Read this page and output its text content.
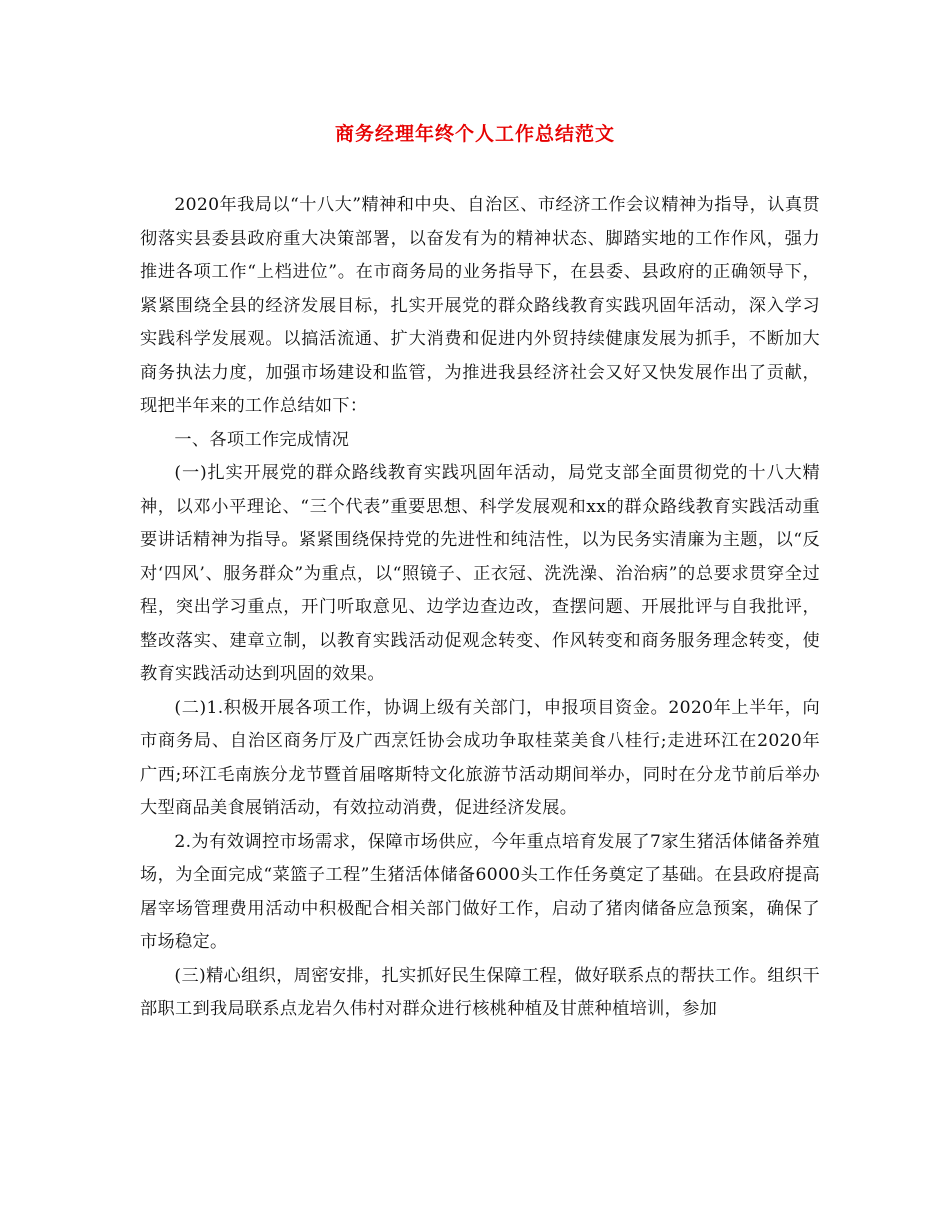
商务经理年终个人工作总结范文

2020年我局以“十八大”精神和中央、自治区、市经济工作会议精神为指导，认真贯彻落实县委县政府重大决策部署，以奋发有为的精神状态、脚踏实地的工作作风，强力推进各项工作“上档进位”。在市商务局的业务指导下，在县委、县政府的正确领导下，紧紧围绕全县的经济发展目标，扎实开展党的群众路线教育实践巩固年活动，深入学习实践科学发展观。以搞活流通、扩大消费和促进内外贸持续健康发展为抓手，不断加大商务执法力度，加强市场建设和监管，为推进我县经济社会又好又快发展作出了贡献，现把半年来的工作总结如下：

一、各项工作完成情况

(一)扎实开展党的群众路线教育实践巩固年活动，局党支部全面贯彻党的十八大精神，以邓小平理论、“三个代表”重要思想、科学发展观和xx的群众路线教育实践活动重要讲话精神为指导。紧紧围绕保持党的先进性和纯洁性，以为民务实清廉为主题，以“反对‘四风’、服务群众”为重点，以“照镜子、正衣冠、洗洗澡、治治病”的总要求贯穿全过程，突出学习重点，开门听取意见、边学边查边改，查摆问题、开展批评与自我批评，整改落实、建章立制，以教育实践活动促观念转变、作风转变和商务服务理念转变，使教育实践活动达到巩固的效果。

(二)1.积极开展各项工作，协调上级有关部门，申报项目资金。2020年上半年，向市商务局、自治区商务厅及广西烹饪协会成功争取桂菜美食八桂行;走进环江在2020年广西;环江毛南族分龙节暨首届喀斯特文化旅游节活动期间举办，同时在分龙节前后举办大型商品美食展销活动，有效拉动消费，促进经济发展。

2.为有效调控市场需求，保障市场供应，今年重点培育发展了7家生猪活体储备养殖场，为全面完成“菜篮子工程”生猪活体储备6000头工作任务奠定了基础。在县政府提高屠宰场管理费用活动中积极配合相关部门做好工作，启动了猪肉储备应急预案，确保了市场稳定。

(三)精心组织，周密安排，扎实抓好民生保障工程，做好联系点的帮扶工作。组织干部职工到我局联系点龙岩久伟村对群众进行核桃种植及甘蔗种植培训，参加
